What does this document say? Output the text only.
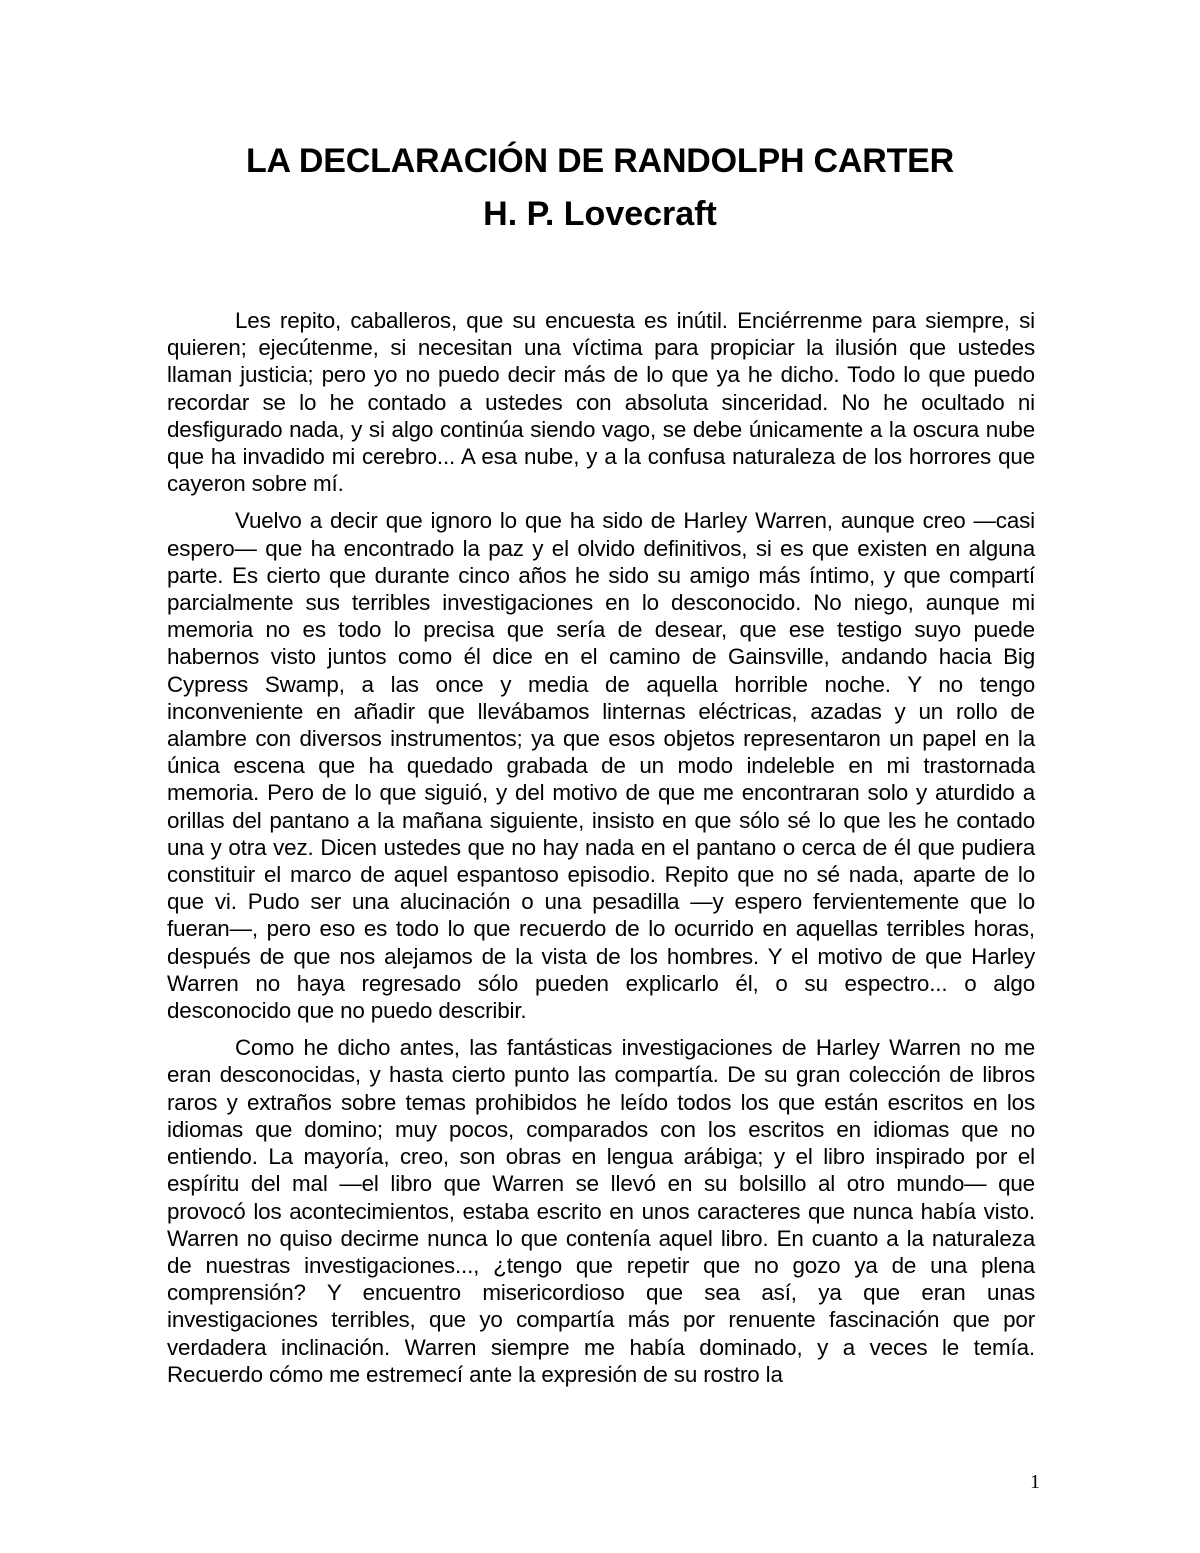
LA DECLARACIÓN DE RANDOLPH CARTER
H. P. Lovecraft

Les repito, caballeros, que su encuesta es inútil. Enciérrenme para siempre, si quieren; ejecútenme, si necesitan una víctima para propiciar la ilusión que ustedes llaman justicia; pero yo no puedo decir más de lo que ya he dicho. Todo lo que puedo recordar se lo he contado a ustedes con absoluta sinceridad. No he ocultado ni desfigurado nada, y si algo continúa siendo vago, se debe únicamente a la oscura nube que ha invadido mi cerebro... A esa nube, y a la confusa naturaleza de los horrores que cayeron sobre mí.

Vuelvo a decir que ignoro lo que ha sido de Harley Warren, aunque creo —casi espero— que ha encontrado la paz y el olvido definitivos, si es que existen en alguna parte. Es cierto que durante cinco años he sido su amigo más íntimo, y que compartí parcialmente sus terribles investigaciones en lo desconocido. No niego, aunque mi memoria no es todo lo precisa que sería de desear, que ese testigo suyo puede habernos visto juntos como él dice en el camino de Gainsville, andando hacia Big Cypress Swamp, a las once y media de aquella horrible noche. Y no tengo inconveniente en añadir que llevábamos linternas eléctricas, azadas y un rollo de alambre con diversos instrumentos; ya que esos objetos representaron un papel en la única escena que ha quedado grabada de un modo indeleble en mi trastornada memoria. Pero de lo que siguió, y del motivo de que me encontraran solo y aturdido a orillas del pantano a la mañana siguiente, insisto en que sólo sé lo que les he contado una y otra vez. Dicen ustedes que no hay nada en el pantano o cerca de él que pudiera constituir el marco de aquel espantoso episodio. Repito que no sé nada, aparte de lo que vi. Pudo ser una alucinación o una pesadilla —y espero fervientemente que lo fueran—, pero eso es todo lo que recuerdo de lo ocurrido en aquellas terribles horas, después de que nos alejamos de la vista de los hombres. Y el motivo de que Harley Warren no haya regresado sólo pueden explicarlo él, o su espectro... o algo desconocido que no puedo describir.

Como he dicho antes, las fantásticas investigaciones de Harley Warren no me eran desconocidas, y hasta cierto punto las compartía. De su gran colección de libros raros y extraños sobre temas prohibidos he leído todos los que están escritos en los idiomas que domino; muy pocos, comparados con los escritos en idiomas que no entiendo. La mayoría, creo, son obras en lengua arábiga; y el libro inspirado por el espíritu del mal —el libro que Warren se llevó en su bolsillo al otro mundo— que provocó los acontecimientos, estaba escrito en unos caracteres que nunca había visto. Warren no quiso decirme nunca lo que contenía aquel libro. En cuanto a la naturaleza de nuestras investigaciones..., ¿tengo que repetir que no gozo ya de una plena comprensión? Y encuentro misericordioso que sea así, ya que eran unas investigaciones terribles, que yo compartía más por renuente fascinación que por verdadera inclinación. Warren siempre me había dominado, y a veces le temía. Recuerdo cómo me estremecí ante la expresión de su rostro la

1
